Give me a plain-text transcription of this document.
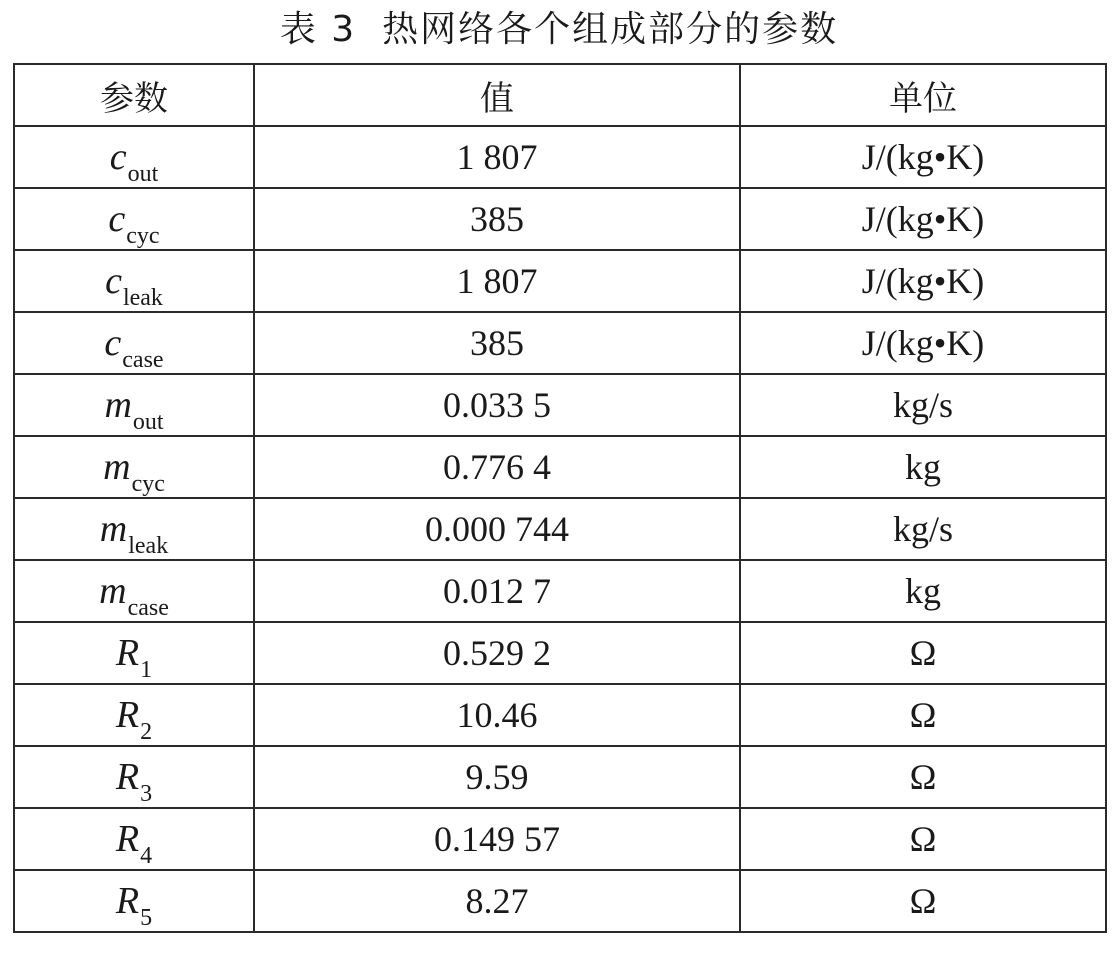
表 3 热网络各个组成部分的参数
参数	值	单位
$c_{out}$	1 807	J/(kg•K)
$c_{cyc}$	385	J/(kg•K)
$c_{leak}$	1 807	J/(kg•K)
$c_{case}$	385	J/(kg•K)
$m_{out}$	0.033 5	kg/s
$m_{cyc}$	0.776 4	kg
$m_{leak}$	0.000 744	kg/s
$m_{case}$	0.012 7	kg
$R_1$	0.529 2	Ω
$R_2$	10.46	Ω
$R_3$	9.59	Ω
$R_4$	0.149 57	Ω
$R_5$	8.27	Ω
